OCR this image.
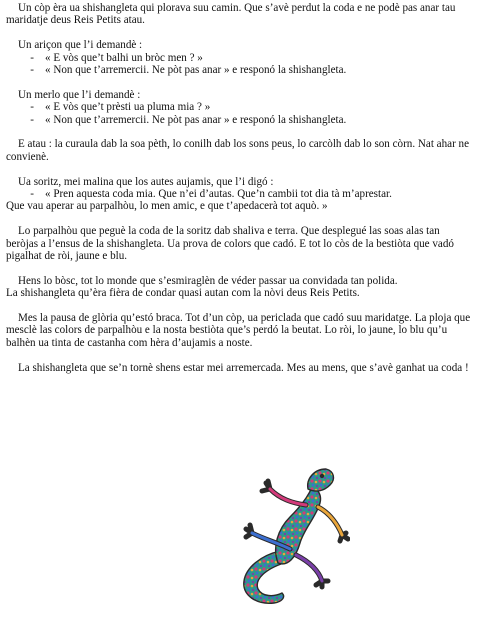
Un còp èra ua shishangleta qui plorava suu camin. Que s’avè perdut la coda e ne podè pas anar tau maridatje deus Reis Petits atau.

Un ariçon que l’i demandè :

- « E vòs que’t balhi un bròc men ? »
- « Non que t’arremercii. Ne pòt pas anar » e responó la shishangleta.

Un merlo que l’i demandè :

- « E vòs que’t prèsti ua pluma mia ? »
- « Non que t’arremercii. Ne pòt pas anar » e responó la shishangleta.

E atau : la curaula dab la soa pèth, lo conilh dab los sons peus, lo carcòlh dab lo son còrn. Nat ahar ne convienè.

Ua soritz, mei malina que los autes aujamis, que l’i digó :

- « Pren aquesta coda mia. Que n’ei d’autas. Que’n cambii tot dia tà m’aprestar.

Que vau aperar au parpalhòu, lo men amic, e que t’apedacerà tot aquò. »

Lo parpalhòu que peguè la coda de la soritz dab shaliva e terra. Que desplegué las soas alas tan beròjas a l’ensus de la shishangleta. Ua prova de colors que cadó. E tot lo còs de la bestiòta que vadó pigalhat de ròi, jaune e blu.

Hens lo bòsc, tot lo monde que s’esmiraglèn de véder passar ua convidada tan polida.

La shishangleta qu’èra fièra de condar quasi autan com la nòvi deus Reis Petits.

Mes la pausa de glòria qu’estó braca. Tot d’un còp, ua periclada que cadó suu maridatge. La ploja que mesclè las colors de parpalhòu e la nosta bestiòta que’s perdó la beutat. Lo ròi, lo jaune, lo blu qu’u balhèn ua tinta de castanha com hèra d’aujamis a noste.

La shishangleta que se’n tornè shens estar mei arremercada. Mes au mens, que s’avè ganhat ua coda !
